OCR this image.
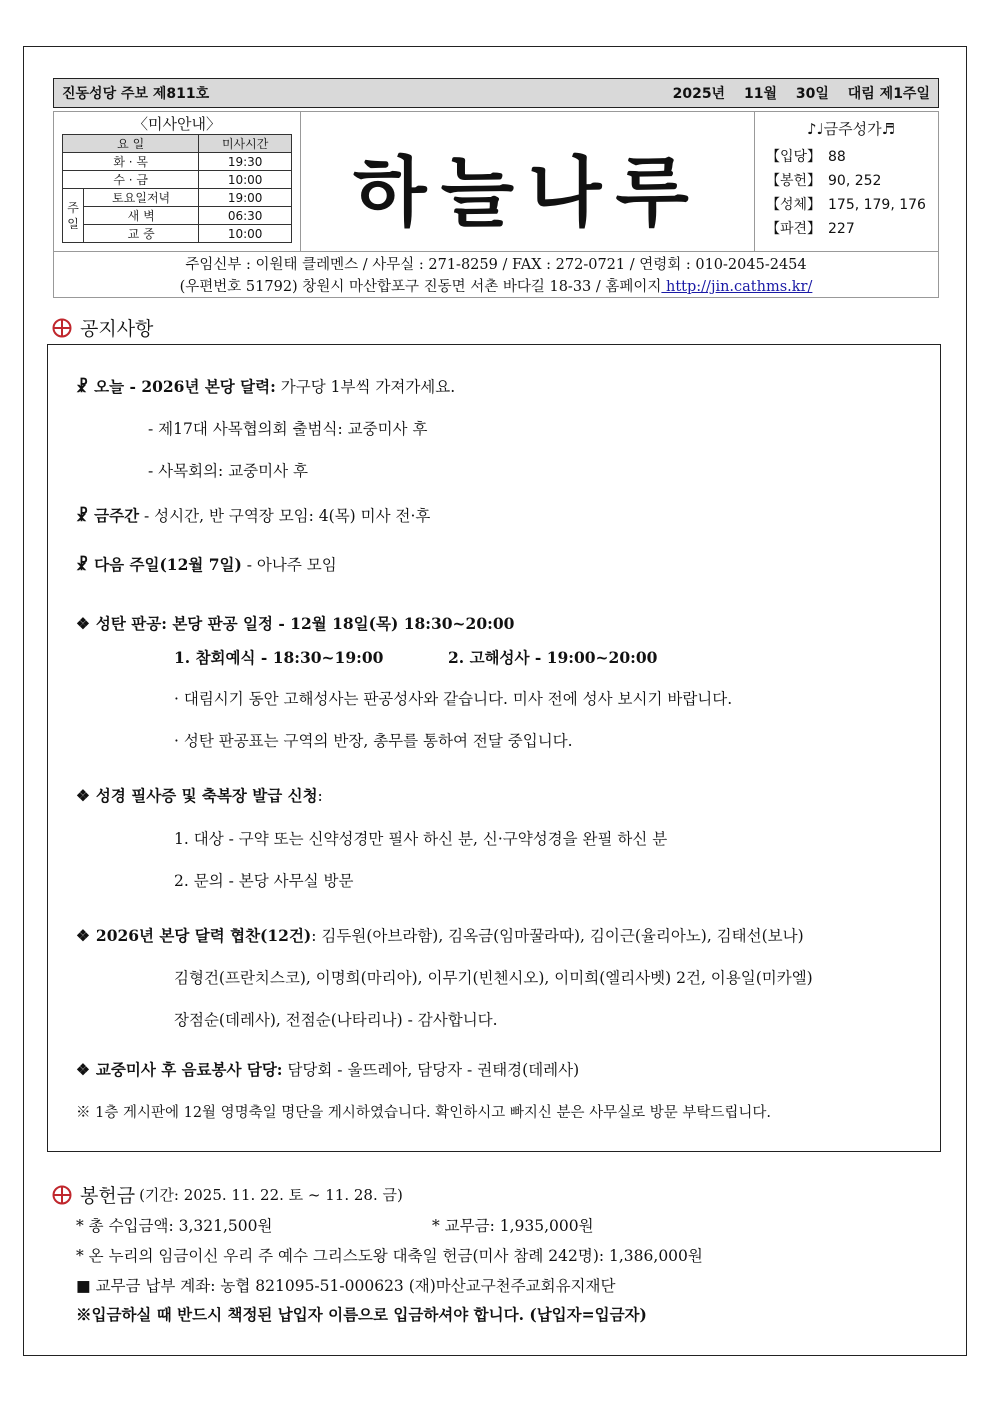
진동성당 주보 제811호	2025년 11월 30일 대림 제1주일
〈미사안내〉
요 일		미사시간
화 · 목		19:30
수 · 금		10:00
주일	토요일저녁	19:00
	새 벽	06:30
	교 중	10:00	하늘나루
♪♩금주성가♬
【입당】 88
【봉헌】 90, 252
【성체】 175, 179, 176
【파견】 227
주임신부 : 이원태 클레멘스 / 사무실 : 271-8259 / FAX : 272-0721 / 연령회 : 010-2045-2454
(우편번호 51792) 창원시 마산합포구 진동면 서촌 바다길 18-33 / 홈페이지 http://jin.cathms.kr/
공지사항
☧ 오늘 - 2026년 본당 달력: 가구당 1부씩 가져가세요.
- 제17대 사목협의회 출범식: 교중미사 후
- 사목회의: 교중미사 후
☧ 금주간 - 성시간, 반 구역장 모임: 4(목) 미사 전·후
☧ 다음 주일(12월 7일) - 아나주 모임
❖ 성탄 판공: 본당 판공 일정 - 12월 18일(목) 18:30~20:00
1. 참회예식 - 18:30~19:00	2. 고해성사 - 19:00~20:00
· 대림시기 동안 고해성사는 판공성사와 같습니다. 미사 전에 성사 보시기 바랍니다.
· 성탄 판공표는 구역의 반장, 총무를 통하여 전달 중입니다.
❖ 성경 필사증 및 축복장 발급 신청:
1. 대상 - 구약 또는 신약성경만 필사 하신 분, 신·구약성경을 완필 하신 분
2. 문의 - 본당 사무실 방문
❖ 2026년 본당 달력 협찬(12건): 김두원(아브라함), 김옥금(임마꿀라따), 김이근(율리아노), 김태선(보나)
김형건(프란치스코), 이명희(마리아), 이무기(빈첸시오), 이미희(엘리사벳) 2건, 이용일(미카엘)
장점순(데레사), 전점순(나타리나) - 감사합니다.
❖ 교중미사 후 음료봉사 담당: 담당회 - 울뜨레아, 담당자 - 권태경(데레사)
※ 1층 게시판에 12월 영명축일 명단을 게시하였습니다. 확인하시고 빠지신 분은 사무실로 방문 부탁드립니다.
봉헌금 (기간: 2025. 11. 22. 토 ~ 11. 28. 금)
* 총 수입금액: 3,321,500원	* 교무금: 1,935,000원
* 온 누리의 임금이신 우리 주 예수 그리스도왕 대축일 헌금(미사 참례 242명): 1,386,000원
■ 교무금 납부 계좌: 농협 821095-51-000623 (재)마산교구천주교회유지재단
※입금하실 때 반드시 책정된 납입자 이름으로 입금하셔야 합니다. (납입자=입금자)
